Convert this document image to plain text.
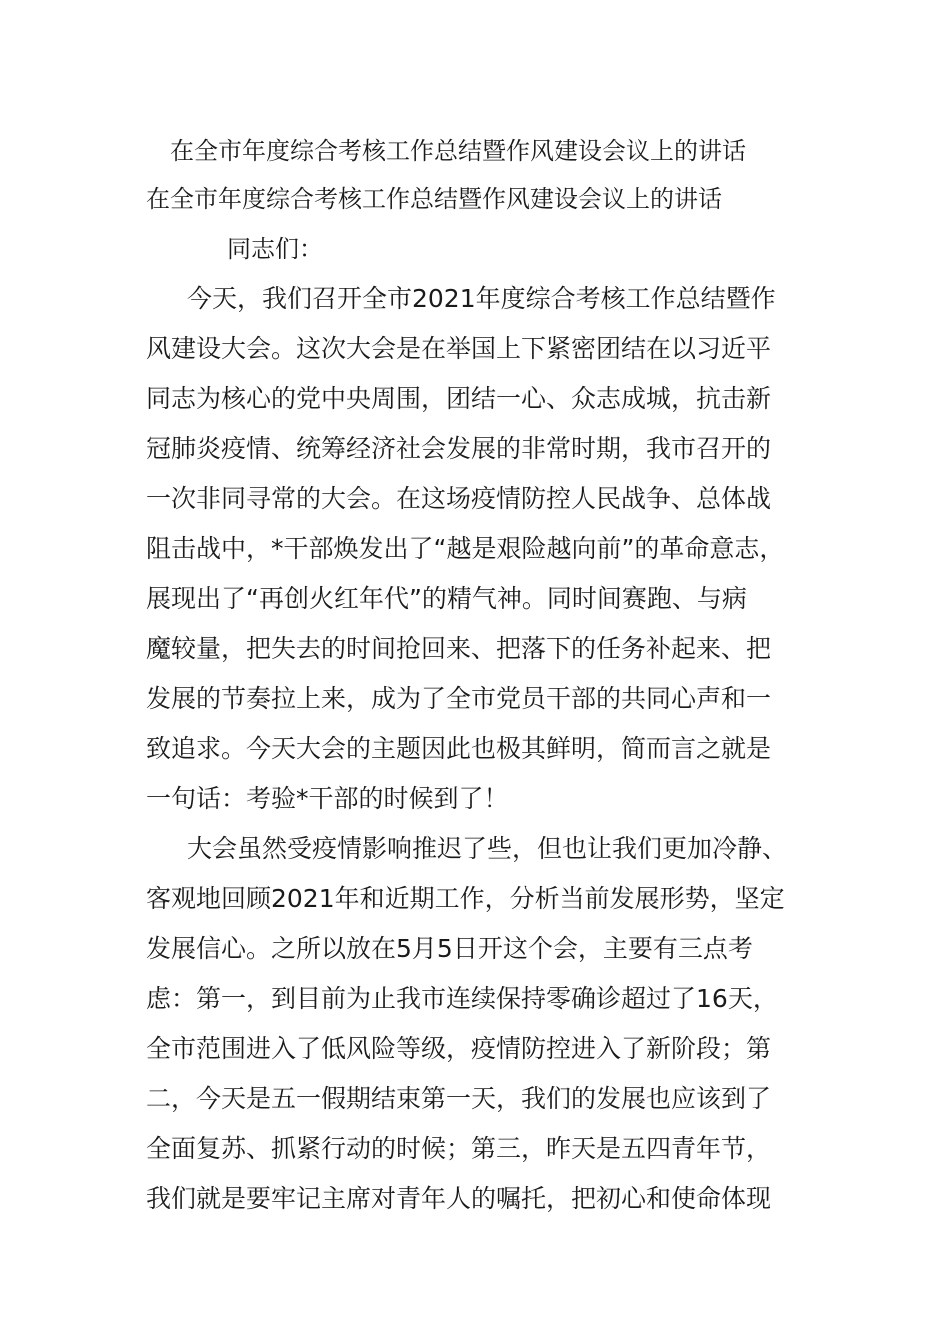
在全市年度综合考核工作总结暨作风建设会议上的讲话
在全市年度综合考核工作总结暨作风建设会议上的讲话
同志们：
今天，我们召开全市2021年度综合考核工作总结暨作
风建设大会。这次大会是在举国上下紧密团结在以习近平
同志为核心的党中央周围，团结一心、众志成城，抗击新
冠肺炎疫情、统筹经济社会发展的非常时期，我市召开的
一次非同寻常的大会。在这场疫情防控人民战争、总体战
阻击战中，*干部焕发出了“越是艰险越向前”的革命意志，
展现出了“再创火红年代”的精气神。同时间赛跑、与病
魔较量，把失去的时间抢回来、把落下的任务补起来、把
发展的节奏拉上来，成为了全市党员干部的共同心声和一
致追求。今天大会的主题因此也极其鲜明，简而言之就是
一句话：考验*干部的时候到了！
大会虽然受疫情影响推迟了些，但也让我们更加冷静、
客观地回顾2021年和近期工作，分析当前发展形势，坚定
发展信心。之所以放在5月5日开这个会，主要有三点考
虑：第一，到目前为止我市连续保持零确诊超过了16天，
全市范围进入了低风险等级，疫情防控进入了新阶段；第
二，今天是五一假期结束第一天，我们的发展也应该到了
全面复苏、抓紧行动的时候；第三，昨天是五四青年节，
我们就是要牢记主席对青年人的嘱托，把初心和使命体现
